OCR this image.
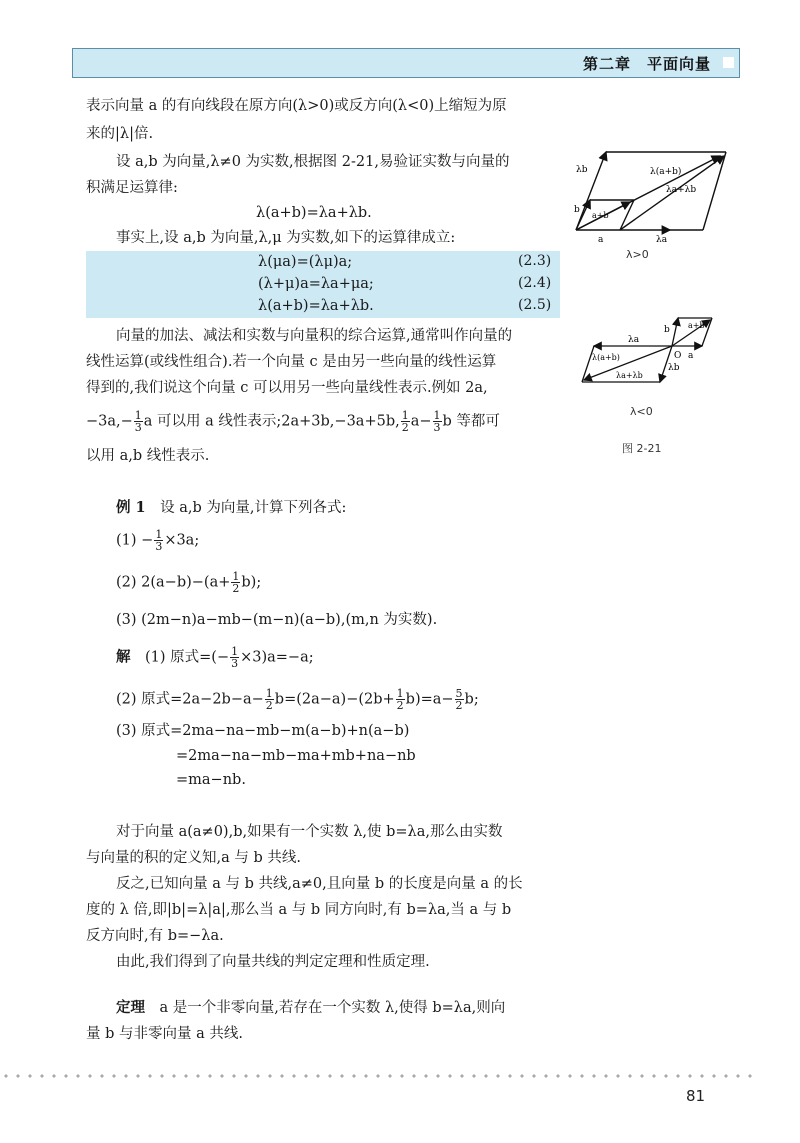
第二章　平面向量
表示向量 a 的有向线段在原方向(λ>0)或反方向(λ<0)上缩短为原
来的|λ|倍.
设 a,b 为向量,λ≠0 为实数,根据图 2-21,易验证实数与向量的
积满足运算律:
λ(a+b)=λa+λb.
事实上,设 a,b 为向量,λ,μ 为实数,如下的运算律成立:
λ(μa)=(λμ)a;	(2.3)
(λ+μ)a=λa+μa;	(2.4)
λ(a+b)=λa+λb.	(2.5)
向量的加法、减法和实数与向量积的综合运算,通常叫作向量的
线性运算(或线性组合).若一个向量 c 是由另一些向量的线性运算
得到的,我们说这个向量 c 可以用另一些向量线性表示.例如 2a,
$-3a,- \frac{1}{3}$ a 可以用 a 线性表示;2a+3b,−3a+5b, $\frac{1}{2} a- \frac{1}{3}$ b 等都可
以用 a,b 线性表示.
例 1　 设 a,b 为向量,计算下列各式:
$(1) - \frac{1}{3} \times 3a$;
(2) $2(a-b)-(a+ \frac{1}{2} b)$;
(3) (2m−n)a−mb−(m−n)(a−b),(m,n 为实数).
解　 (1) 原式=(− $\frac{1}{3} \times 3)a=-a$;
(2) 原式$=2a-2b-a- \frac{1}{2} b=(2a-a)-(2b+ \frac{1}{2} b)=a- \frac{5}{2} b$;
(3) 原式=2ma−na−mb−m(a−b)+n(a−b)
=2ma−na−mb−ma+mb+na−nb
=ma−nb.
对于向量 a(a≠0),b,如果有一个实数 λ,使 b=λa,那么由实数
与向量的积的定义知,a 与 b 共线.
反之,已知向量 a 与 b 共线,a≠0,且向量 b 的长度是向量 a 的长
度的 λ 倍,即|b|=λ|a|,那么当 a 与 b 同方向时,有 b=λa,当 a 与 b
反方向时,有 b=−λa.
由此,我们得到了向量共线的判定定理和性质定理.
定理　 a 是一个非零向量,若存在一个实数 λ,使得 b=λa,则向
量 b 与非零向量 a 共线.
λb	λ(a+b)
λa+λb
b
a+b
a	λa
λ>0
a+b
λa
b
λ(a+b)	O a
λb
λa+λb
λ<0
图 2-21
81
